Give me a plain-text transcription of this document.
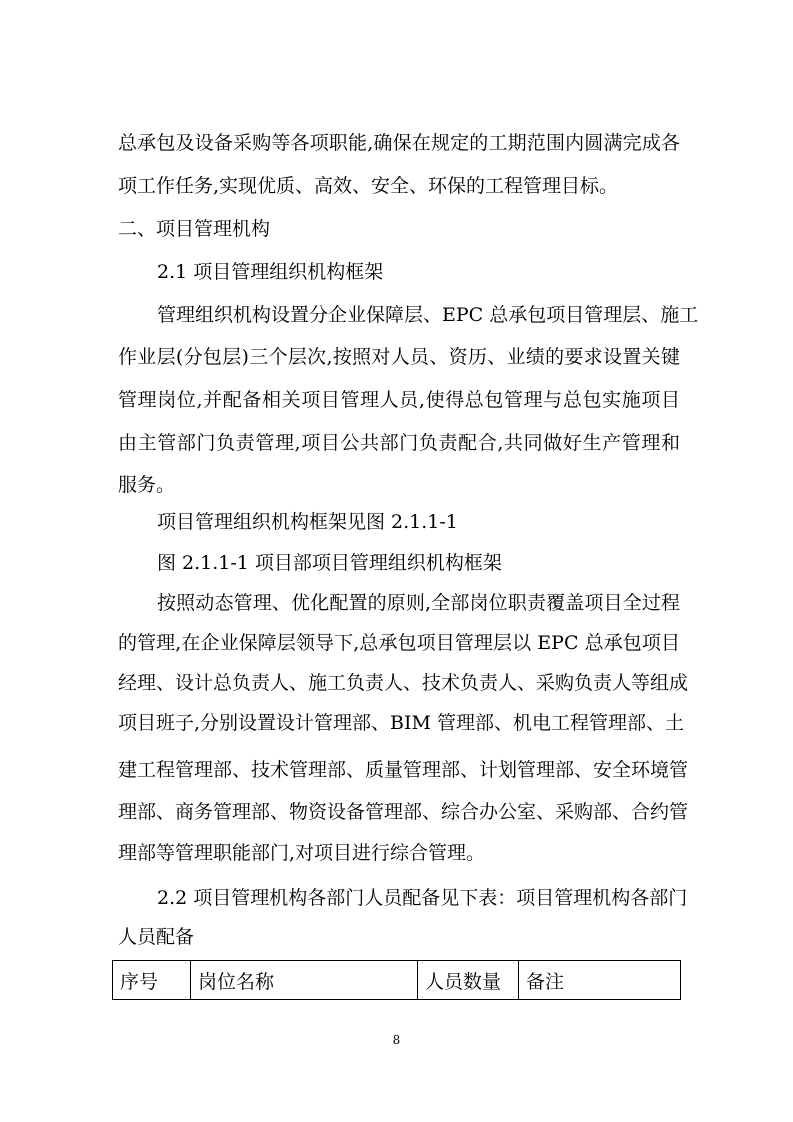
总承包及设备采购等各项职能,确保在规定的工期范围内圆满完成各
项工作任务,实现优质、高效、安全、环保的工程管理目标。
二、项目管理机构
2.1 项目管理组织机构框架
管理组织机构设置分企业保障层、EPC 总承包项目管理层、施工
作业层(分包层)三个层次,按照对人员、资历、业绩的要求设置关键
管理岗位,并配备相关项目管理人员,使得总包管理与总包实施项目
由主管部门负责管理,项目公共部门负责配合,共同做好生产管理和
服务。
项目管理组织机构框架见图 2.1.1-1
图 2.1.1-1 项目部项目管理组织机构框架
按照动态管理、优化配置的原则,全部岗位职责覆盖项目全过程
的管理,在企业保障层领导下,总承包项目管理层以 EPC 总承包项目
经理、设计总负责人、施工负责人、技术负责人、采购负责人等组成
项目班子,分别设置设计管理部、BIM 管理部、机电工程管理部、土
建工程管理部、技术管理部、质量管理部、计划管理部、安全环境管
理部、商务管理部、物资设备管理部、综合办公室、采购部、合约管
理部等管理职能部门,对项目进行综合管理。
2.2 项目管理机构各部门人员配备见下表：项目管理机构各部门
人员配备
序号	岗位名称	人员数量	备注
8
